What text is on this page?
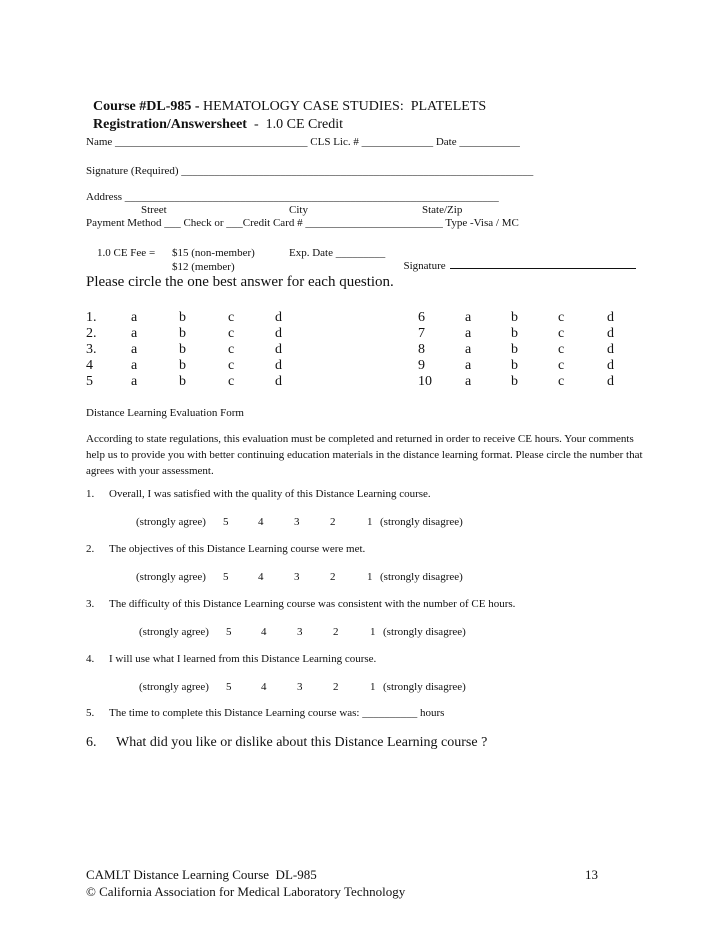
Course #DL-985 - HEMATOLOGY CASE STUDIES:  PLATELETS

Registration/Answersheet  -  1.0 CE Credit

Name ___________________________________ CLS Lic. # _____________ Date ___________
Signature (Required) ________________________________________________________________
Address ____________________________________________________________________
Street	City	State/Zip
Payment Method ___ Check or ___Credit Card # _________________________ Type -Visa / MC
1.0 CE Fee = $15 (non-member)
$12 (member)
Exp. Date _________

Signature

Please circle the one best answer for each question.
1. a	b	c	d
2. a	b	c	d
3. a	b	c	d
4	a	b	c	d
5	a	b	c	d
6	a	b	c	d
7	a	b	c	d
8	a	b	c	d
9	a	b	c	d
10 a	b	c	d
Distance Learning Evaluation Form
According to state regulations, this evaluation must be completed and returned in order to receive CE hours. Your comments help us to provide you with better continuing education materials in the distance learning format. Please circle the number that agrees with your assessment.
1. Overall, I was satisfied with the quality of this Distance Learning course.
(strongly agree) 5	4	3	2	1 (strongly disagree)
2. The objectives of this Distance Learning course were met.
(strongly agree) 5	4	3	2	1 (strongly disagree)
3. The difficulty of this Distance Learning course was consistent with the number of CE hours.
(strongly agree) 5	4	3	2	1 (strongly disagree)
4. I will use what I learned from this Distance Learning course.
(strongly agree) 5	4	3	2	1 (strongly disagree)
5. The time to complete this Distance Learning course was: __________ hours
6. What did you like or dislike about this Distance Learning course ?
CAMLT Distance Learning Course  DL-985	13
© California Association for Medical Laboratory Technology
